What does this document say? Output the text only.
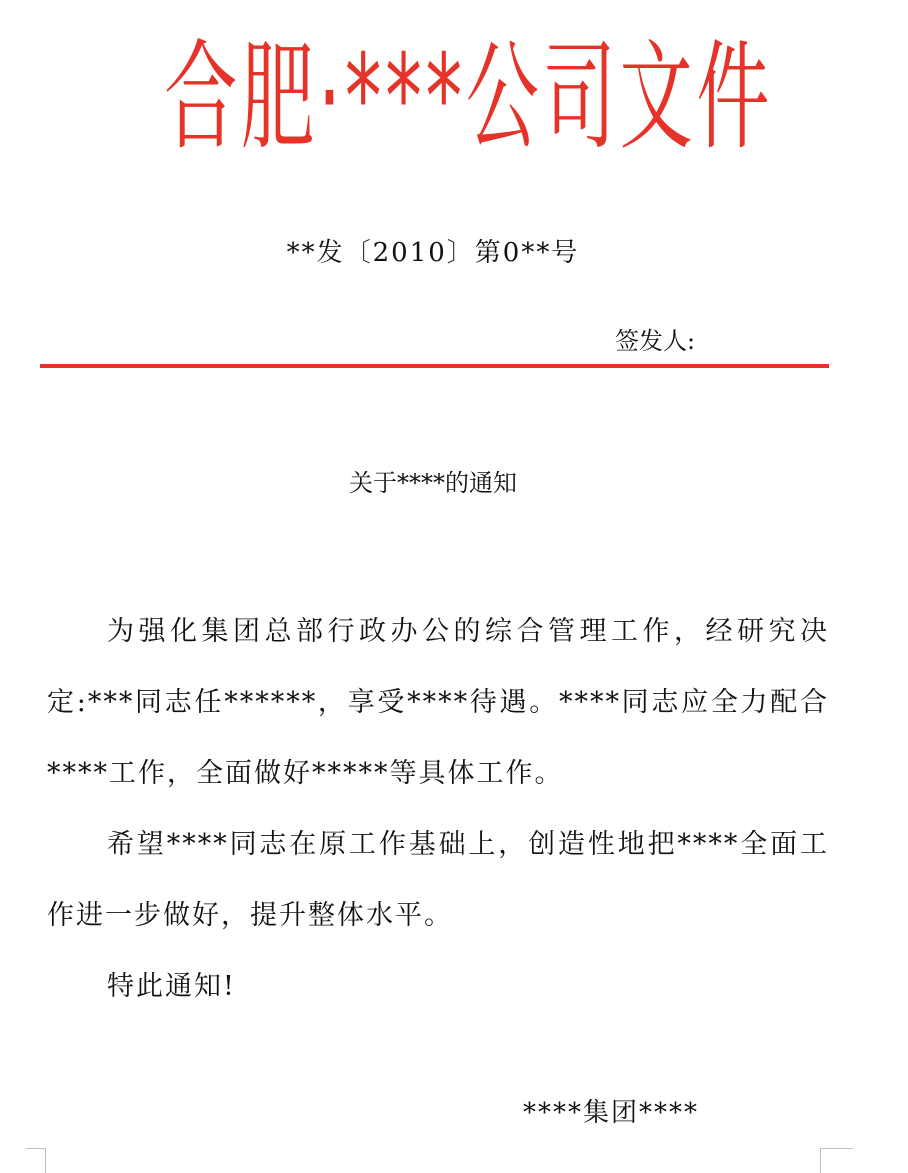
合肥·***公司文件
**发〔2010〕第0**号
签发人:
关于****的通知

为强化集团总部行政办公的综合管理工作，经研究决定:***同志任******，享受****待遇。****同志应全力配合****工作，全面做好*****等具体工作。

希望****同志在原工作基础上，创造性地把****全面工作进一步做好，提升整体水平。

特此通知!

****集团****
